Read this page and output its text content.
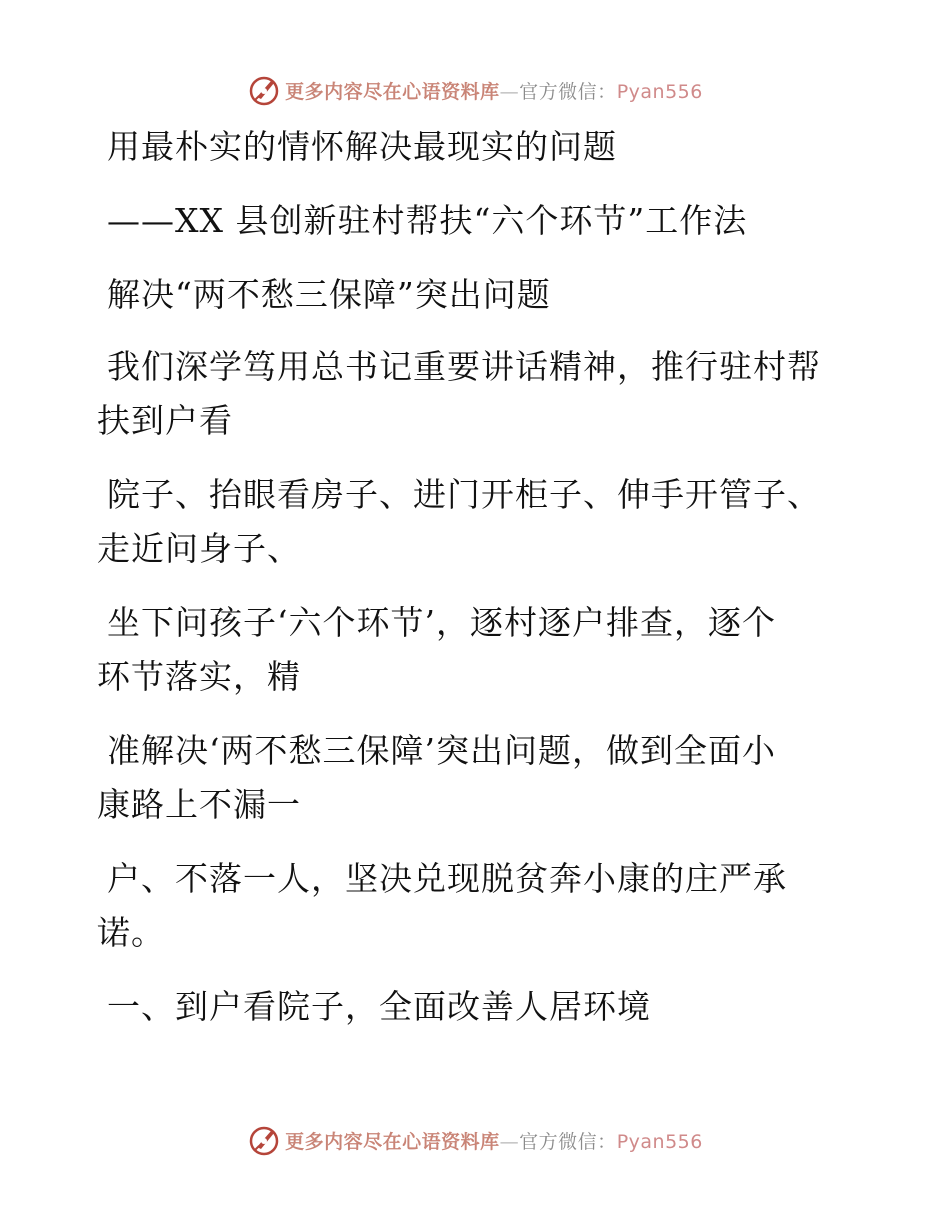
更多内容尽在心语资料库—官方微信：Pyan556
用最朴实的情怀解决最现实的问题
——XX 县创新驻村帮扶“六个环节”工作法
解决“两不愁三保障”突出问题
我们深学笃用总书记重要讲话精神，推行驻村帮
扶到户看
院子、抬眼看房子、进门开柜子、伸手开管子、
走近问身子、
坐下问孩子‘六个环节’，逐村逐户排查，逐个
环节落实，精
准解决‘两不愁三保障’突出问题，做到全面小
康路上不漏一
户、不落一人，坚决兑现脱贫奔小康的庄严承
诺。
一、到户看院子，全面改善人居环境
更多内容尽在心语资料库—官方微信：Pyan556
